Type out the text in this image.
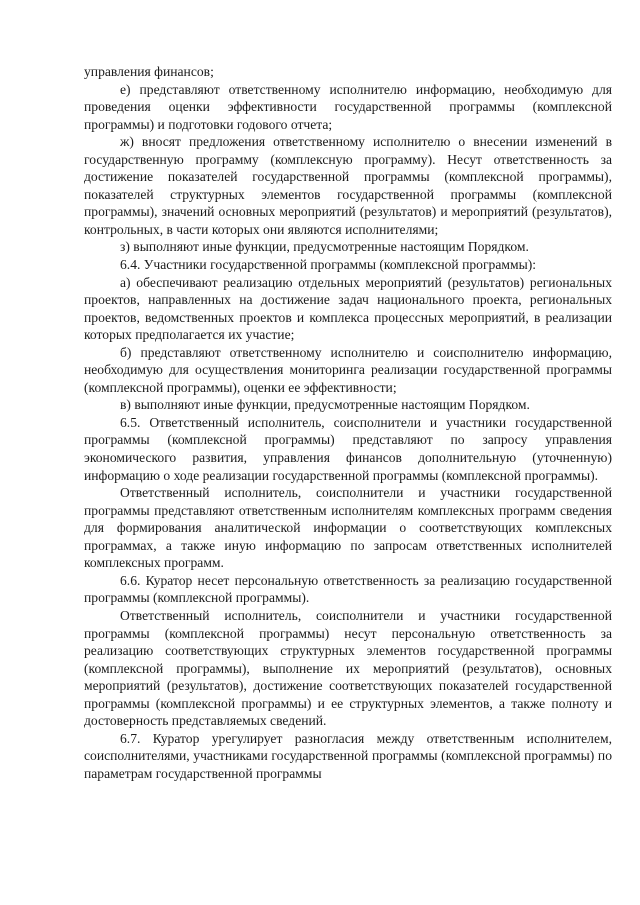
управления финансов;

е) представляют ответственному исполнителю информацию, необходимую для проведения оценки эффективности государственной программы (комплексной программы) и подготовки годового отчета;

ж) вносят предложения ответственному исполнителю о внесении изменений в государственную программу (комплексную программу). Несут ответственность за достижение показателей государственной программы (комплексной программы), показателей структурных элементов государственной программы (комплексной программы), значений основных мероприятий (результатов) и мероприятий (результатов), контрольных, в части которых они являются исполнителями;

з) выполняют иные функции, предусмотренные настоящим Порядком.

6.4. Участники государственной программы (комплексной программы):

а) обеспечивают реализацию отдельных мероприятий (результатов) региональных проектов, направленных на достижение задач национального проекта, региональных проектов, ведомственных проектов и комплекса процессных мероприятий, в реализации которых предполагается их участие;

б) представляют ответственному исполнителю и соисполнителю информацию, необходимую для осуществления мониторинга реализации государственной программы (комплексной программы), оценки ее эффективности;

в) выполняют иные функции, предусмотренные настоящим Порядком.

6.5. Ответственный исполнитель, соисполнители и участники государственной программы (комплексной программы) представляют по запросу управления экономического развития, управления финансов дополнительную (уточненную) информацию о ходе реализации государственной программы (комплексной программы).

Ответственный исполнитель, соисполнители и участники государственной программы представляют ответственным исполнителям комплексных программ сведения для формирования аналитической информации о соответствующих комплексных программах, а также иную информацию по запросам ответственных исполнителей комплексных программ.

6.6. Куратор несет персональную ответственность за реализацию государственной программы (комплексной программы).

Ответственный исполнитель, соисполнители и участники государственной программы (комплексной программы) несут персональную ответственность за реализацию соответствующих структурных элементов государственной программы (комплексной программы), выполнение их мероприятий (результатов), основных мероприятий (результатов), достижение соответствующих показателей государственной программы (комплексной программы) и ее структурных элементов, а также полноту и достоверность представляемых сведений.

6.7. Куратор урегулирует разногласия между ответственным исполнителем, соисполнителями, участниками государственной программы (комплексной программы) по параметрам государственной программы
